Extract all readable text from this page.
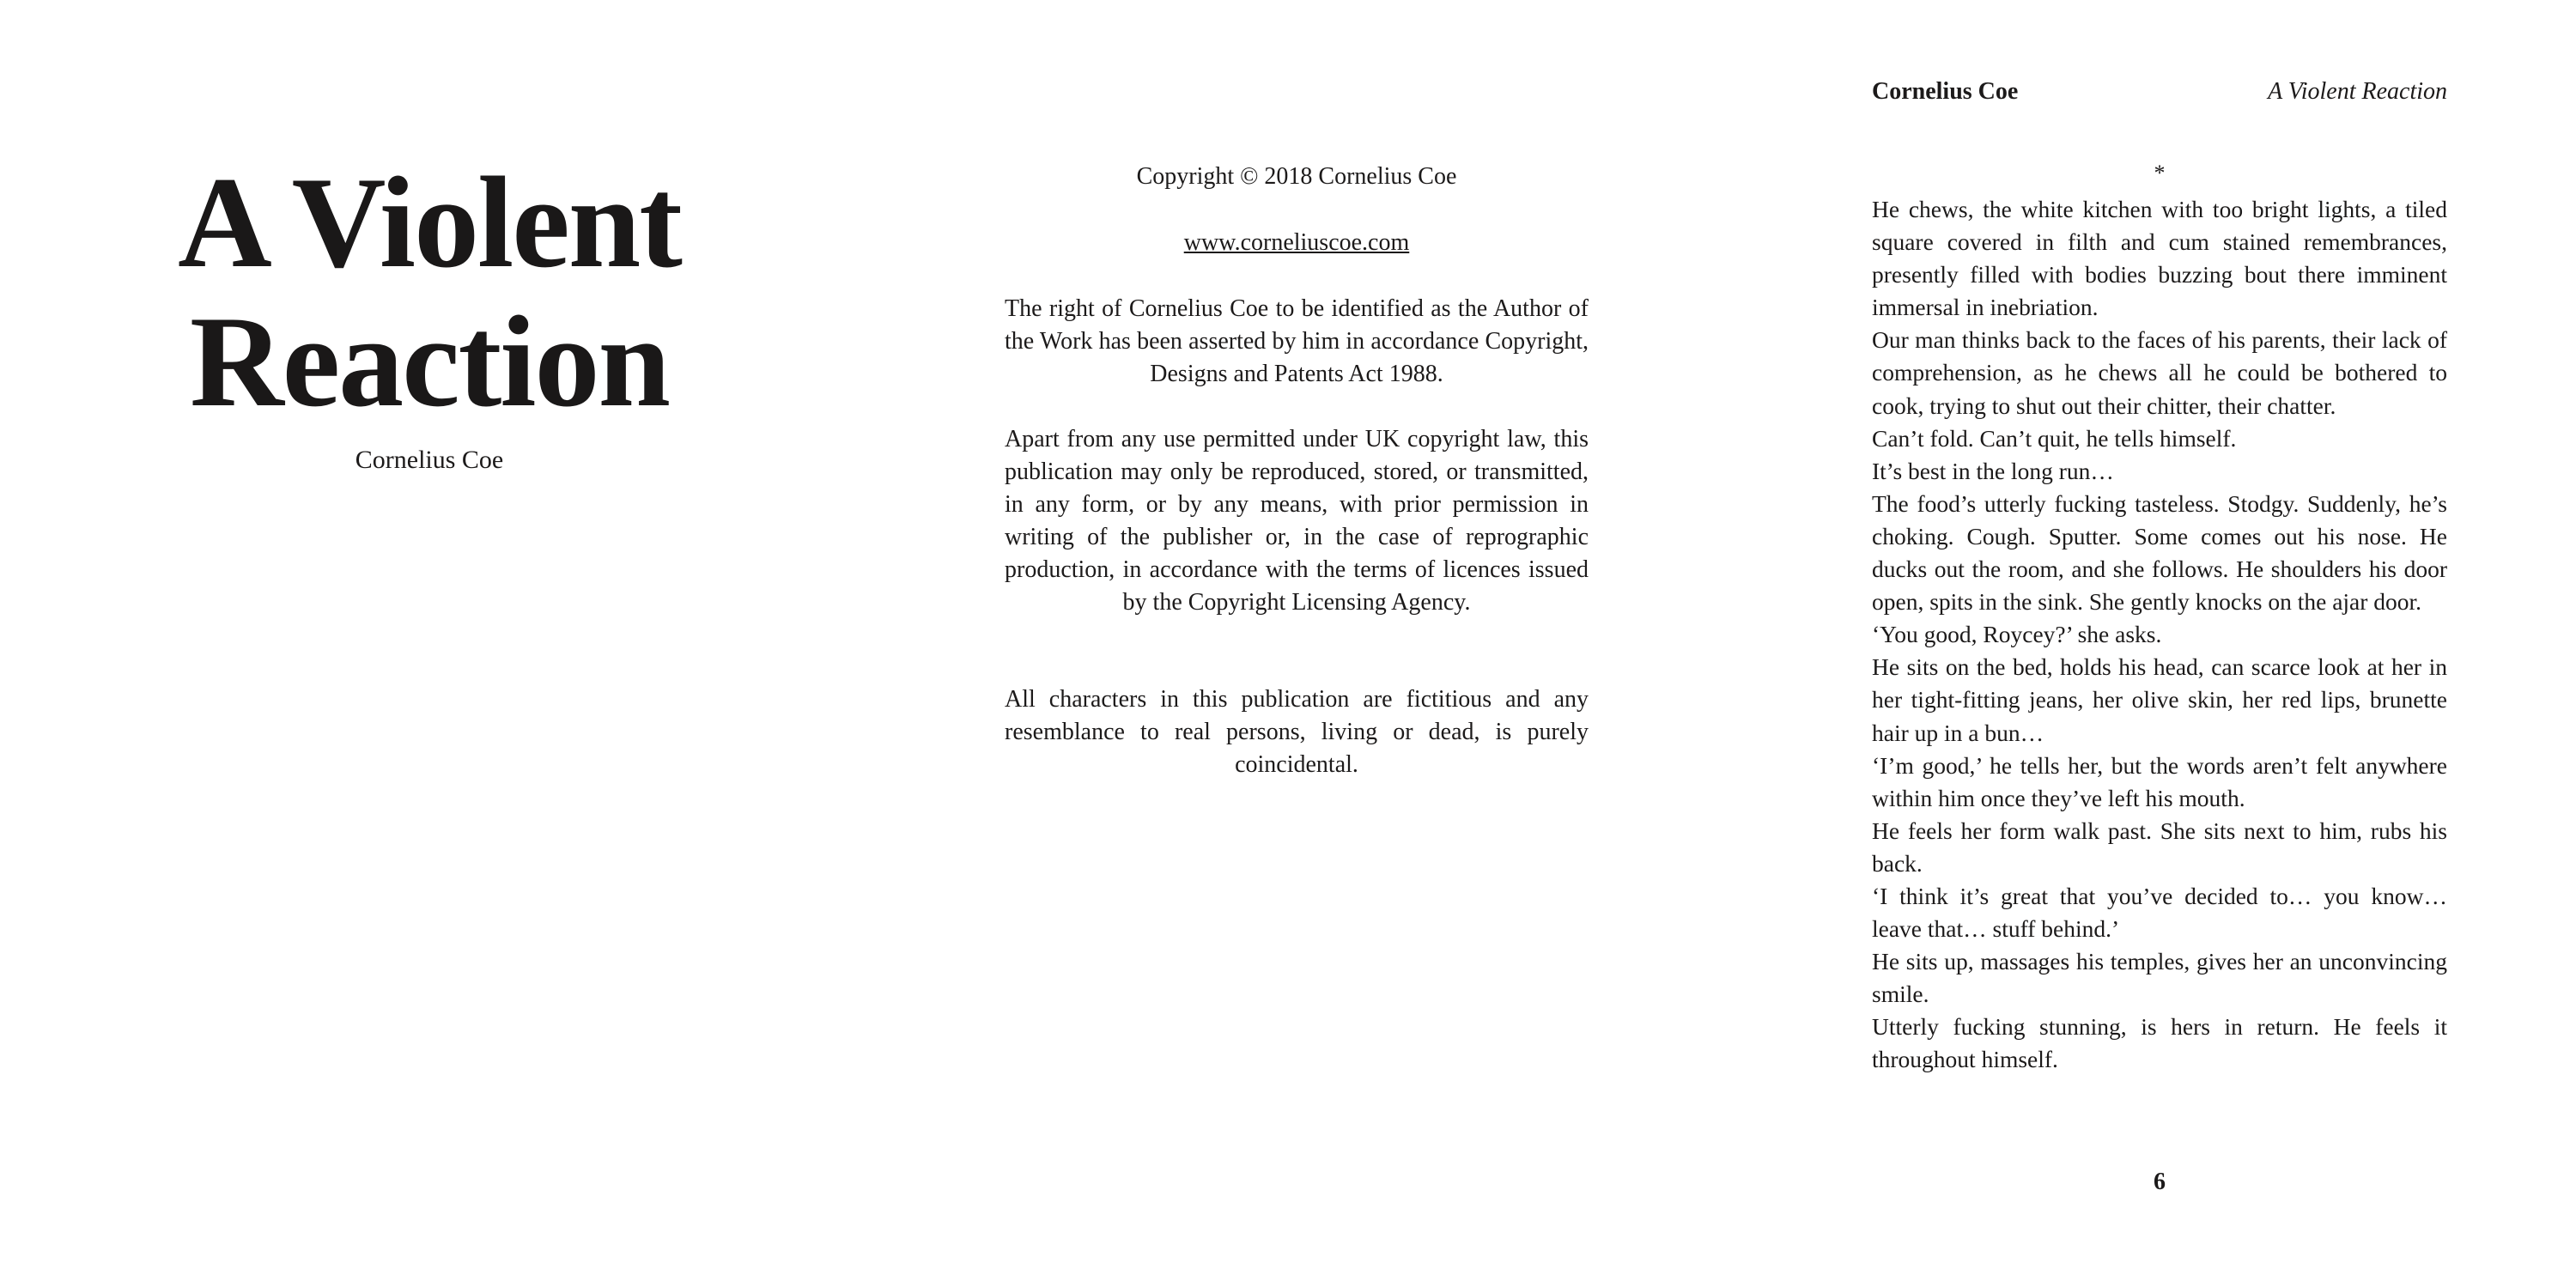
A Violent
Reaction
Cornelius Coe
Copyright © 2018 Cornelius Coe
www.corneliuscoe.com

The right of Cornelius Coe to be identified as the Author of the Work has been asserted by him in accordance Copyright, Designs and Patents Act 1988.

Apart from any use permitted under UK copyright law, this publication may only be reproduced, stored, or transmitted, in any form, or by any means, with prior permission in writing of the publisher or, in the case of reprographic production, in accordance with the terms of licences issued by the Copyright Licensing Agency.

All characters in this publication are fictitious and any resemblance to real persons, living or dead, is purely coincidental.

Cornelius Coe	A Violent Reaction
*

He chews, the white kitchen with too bright lights, a tiled square covered in filth and cum stained remembrances, presently filled with bodies buzzing bout there imminent immersal in inebriation.

Our man thinks back to the faces of his parents, their lack of comprehension, as he chews all he could be bothered to cook, trying to shut out their chitter, their chatter.

Can’t fold. Can’t quit, he tells himself.

It’s best in the long run…

The food’s utterly fucking tasteless. Stodgy. Suddenly, he’s choking. Cough. Sputter. Some comes out his nose. He ducks out the room, and she follows. He shoulders his door open, spits in the sink. She gently knocks on the ajar door.

‘You good, Roycey?’ she asks.

He sits on the bed, holds his head, can scarce look at her in her tight-fitting jeans, her olive skin, her red lips, brunette hair up in a bun…

‘I’m good,’ he tells her, but the words aren’t felt anywhere within him once they’ve left his mouth.

He feels her form walk past. She sits next to him, rubs his back.

‘I think it’s great that you’ve decided to… you know… leave that… stuff behind.’

He sits up, massages his temples, gives her an unconvincing smile.

Utterly fucking stunning, is hers in return. He feels it throughout himself.

6
